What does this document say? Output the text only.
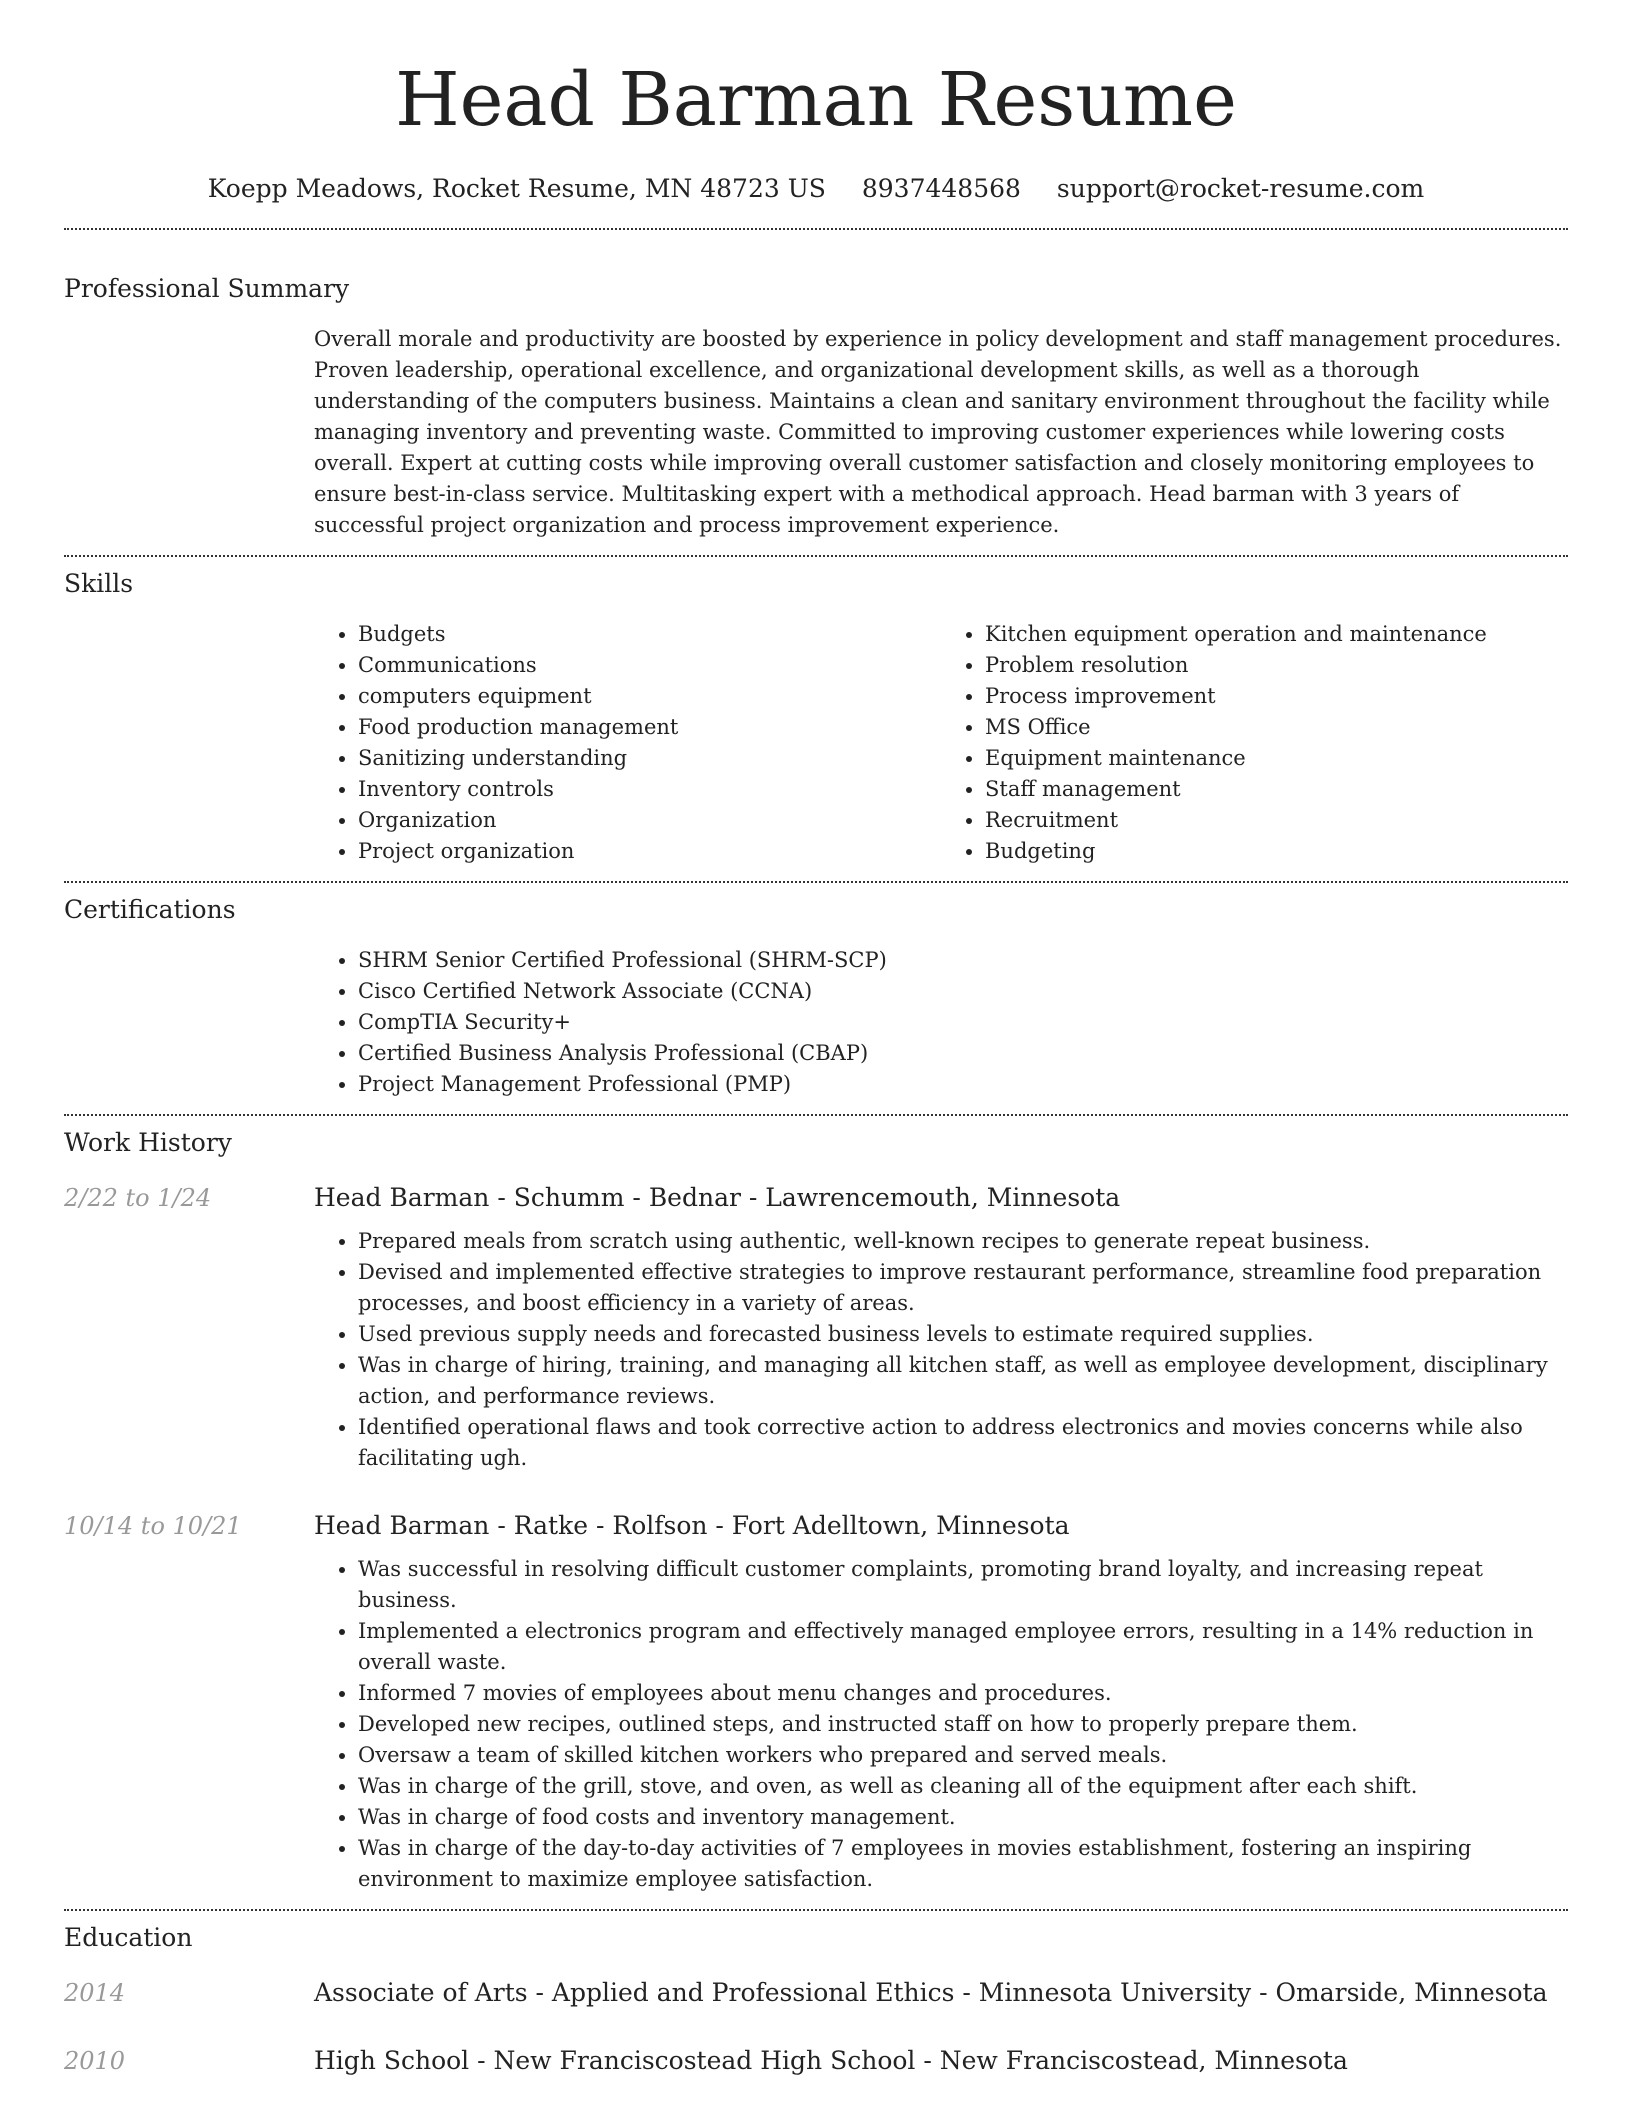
Head Barman Resume
Koepp Meadows, Rocket Resume, MN 48723 US 8937448568 support@rocket-resume.com
Professional Summary
Overall morale and productivity are boosted by experience in policy development and staff management procedures. Proven leadership, operational excellence, and organizational development skills, as well as a thorough understanding of the computers business. Maintains a clean and sanitary environment throughout the facility while managing inventory and preventing waste. Committed to improving customer experiences while lowering costs overall. Expert at cutting costs while improving overall customer satisfaction and closely monitoring employees to ensure best-in-class service. Multitasking expert with a methodical approach. Head barman with 3 years of successful project organization and process improvement experience.
Skills
• Budgets
• Communications
• computers equipment
• Food production management
• Sanitizing understanding
• Inventory controls
• Organization
• Project organization
• Kitchen equipment operation and maintenance
• Problem resolution
• Process improvement
• MS Office
• Equipment maintenance
• Staff management
• Recruitment
• Budgeting
Certifications
• SHRM Senior Certified Professional (SHRM-SCP)
• Cisco Certified Network Associate (CCNA)
• CompTIA Security+
• Certified Business Analysis Professional (CBAP)
• Project Management Professional (PMP)
Work History
2/22 to 1/24	Head Barman - Schumm - Bednar - Lawrencemouth, Minnesota
• Prepared meals from scratch using authentic, well-known recipes to generate repeat business.
• Devised and implemented effective strategies to improve restaurant performance, streamline food preparation processes, and boost efficiency in a variety of areas.
• Used previous supply needs and forecasted business levels to estimate required supplies.
• Was in charge of hiring, training, and managing all kitchen staff, as well as employee development, disciplinary action, and performance reviews.
• Identified operational flaws and took corrective action to address electronics and movies concerns while also facilitating ugh.
10/14 to 10/21	Head Barman - Ratke - Rolfson - Fort Adelltown, Minnesota
• Was successful in resolving difficult customer complaints, promoting brand loyalty, and increasing repeat business.
• Implemented a electronics program and effectively managed employee errors, resulting in a 14% reduction in overall waste.
• Informed 7 movies of employees about menu changes and procedures.
• Developed new recipes, outlined steps, and instructed staff on how to properly prepare them.
• Oversaw a team of skilled kitchen workers who prepared and served meals.
• Was in charge of the grill, stove, and oven, as well as cleaning all of the equipment after each shift.
• Was in charge of food costs and inventory management.
• Was in charge of the day-to-day activities of 7 employees in movies establishment, fostering an inspiring environment to maximize employee satisfaction.
Education
2014	Associate of Arts - Applied and Professional Ethics - Minnesota University - Omarside, Minnesota
2010	High School - New Franciscostead High School - New Franciscostead, Minnesota
